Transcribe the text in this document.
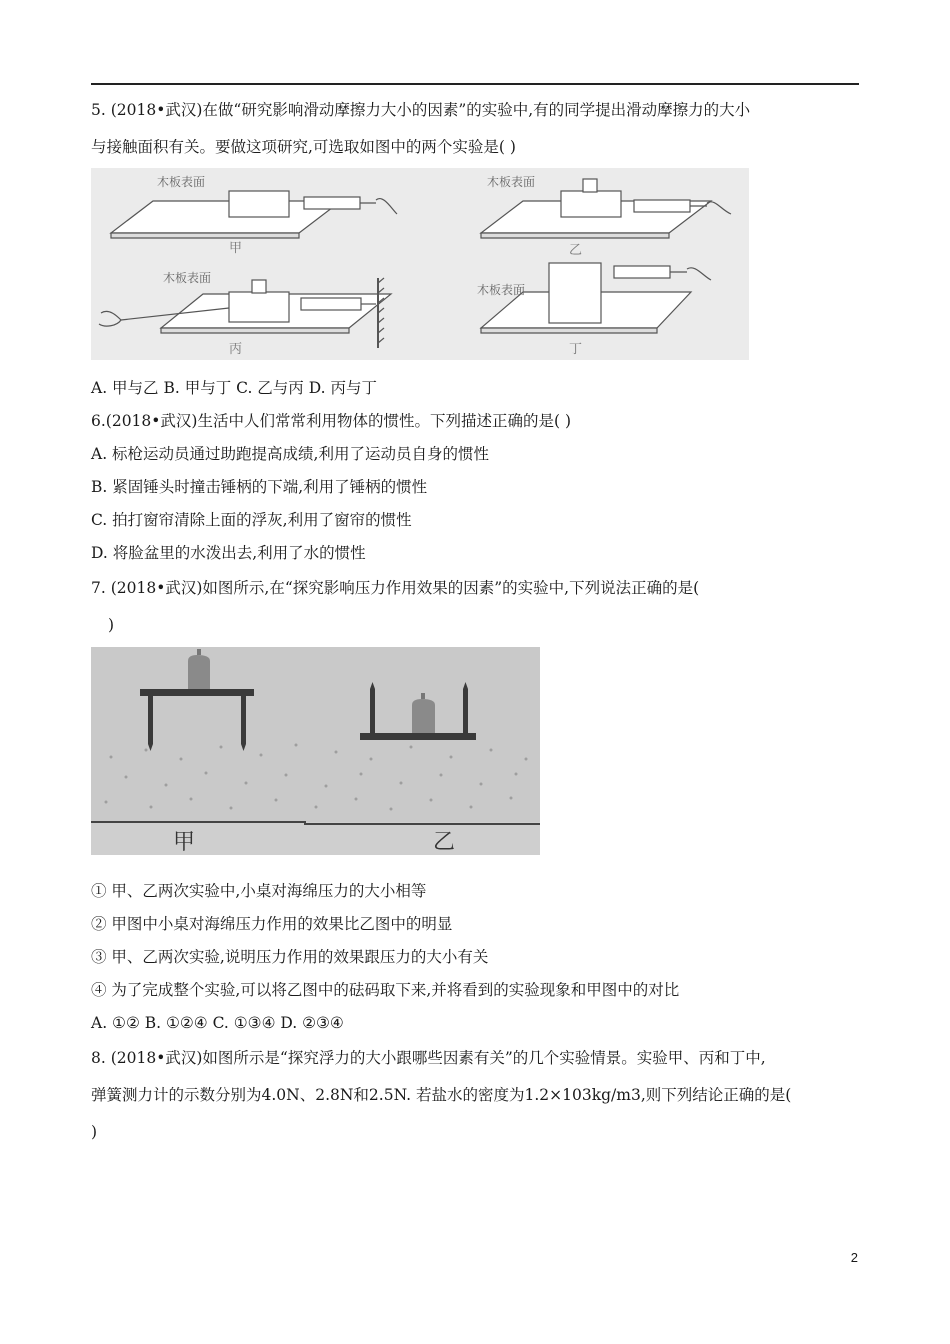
5. (2018•武汉)在做“研究影响滑动摩擦力大小的因素”的实验中,有的同学提出滑动摩擦力的大小
与接触面积有关。要做这项研究,可选取如图中的两个实验是( )
木板表面	木板表面
木板表面
木板表面
甲	乙
丙	丁
A. 甲与乙 B. 甲与丁 C. 乙与丙 D. 丙与丁
6.(2018•武汉)生活中人们常常利用物体的惯性。下列描述正确的是( )
A. 标枪运动员通过助跑提高成绩,利用了运动员自身的惯性
B. 紧固锤头时撞击锤柄的下端,利用了锤柄的惯性
C. 拍打窗帘清除上面的浮灰,利用了窗帘的惯性
D. 将脸盆里的水泼出去,利用了水的惯性
7. (2018•武汉)如图所示,在“探究影响压力作用效果的因素”的实验中,下列说法正确的是(
)
甲	乙
① 甲、乙两次实验中,小桌对海绵压力的大小相等
② 甲图中小桌对海绵压力作用的效果比乙图中的明显
③ 甲、乙两次实验,说明压力作用的效果跟压力的大小有关
④ 为了完成整个实验,可以将乙图中的砝码取下来,并将看到的实验现象和甲图中的对比
A. ①② B. ①②④ C. ①③④ D. ②③④
8. (2018•武汉)如图所示是“探究浮力的大小跟哪些因素有关”的几个实验情景。实验甲、丙和丁中,
弹簧测力计的示数分别为4.0N、2.8N和2.5N. 若盐水的密度为1.2×103kg/m3,则下列结论正确的是(
)
2
